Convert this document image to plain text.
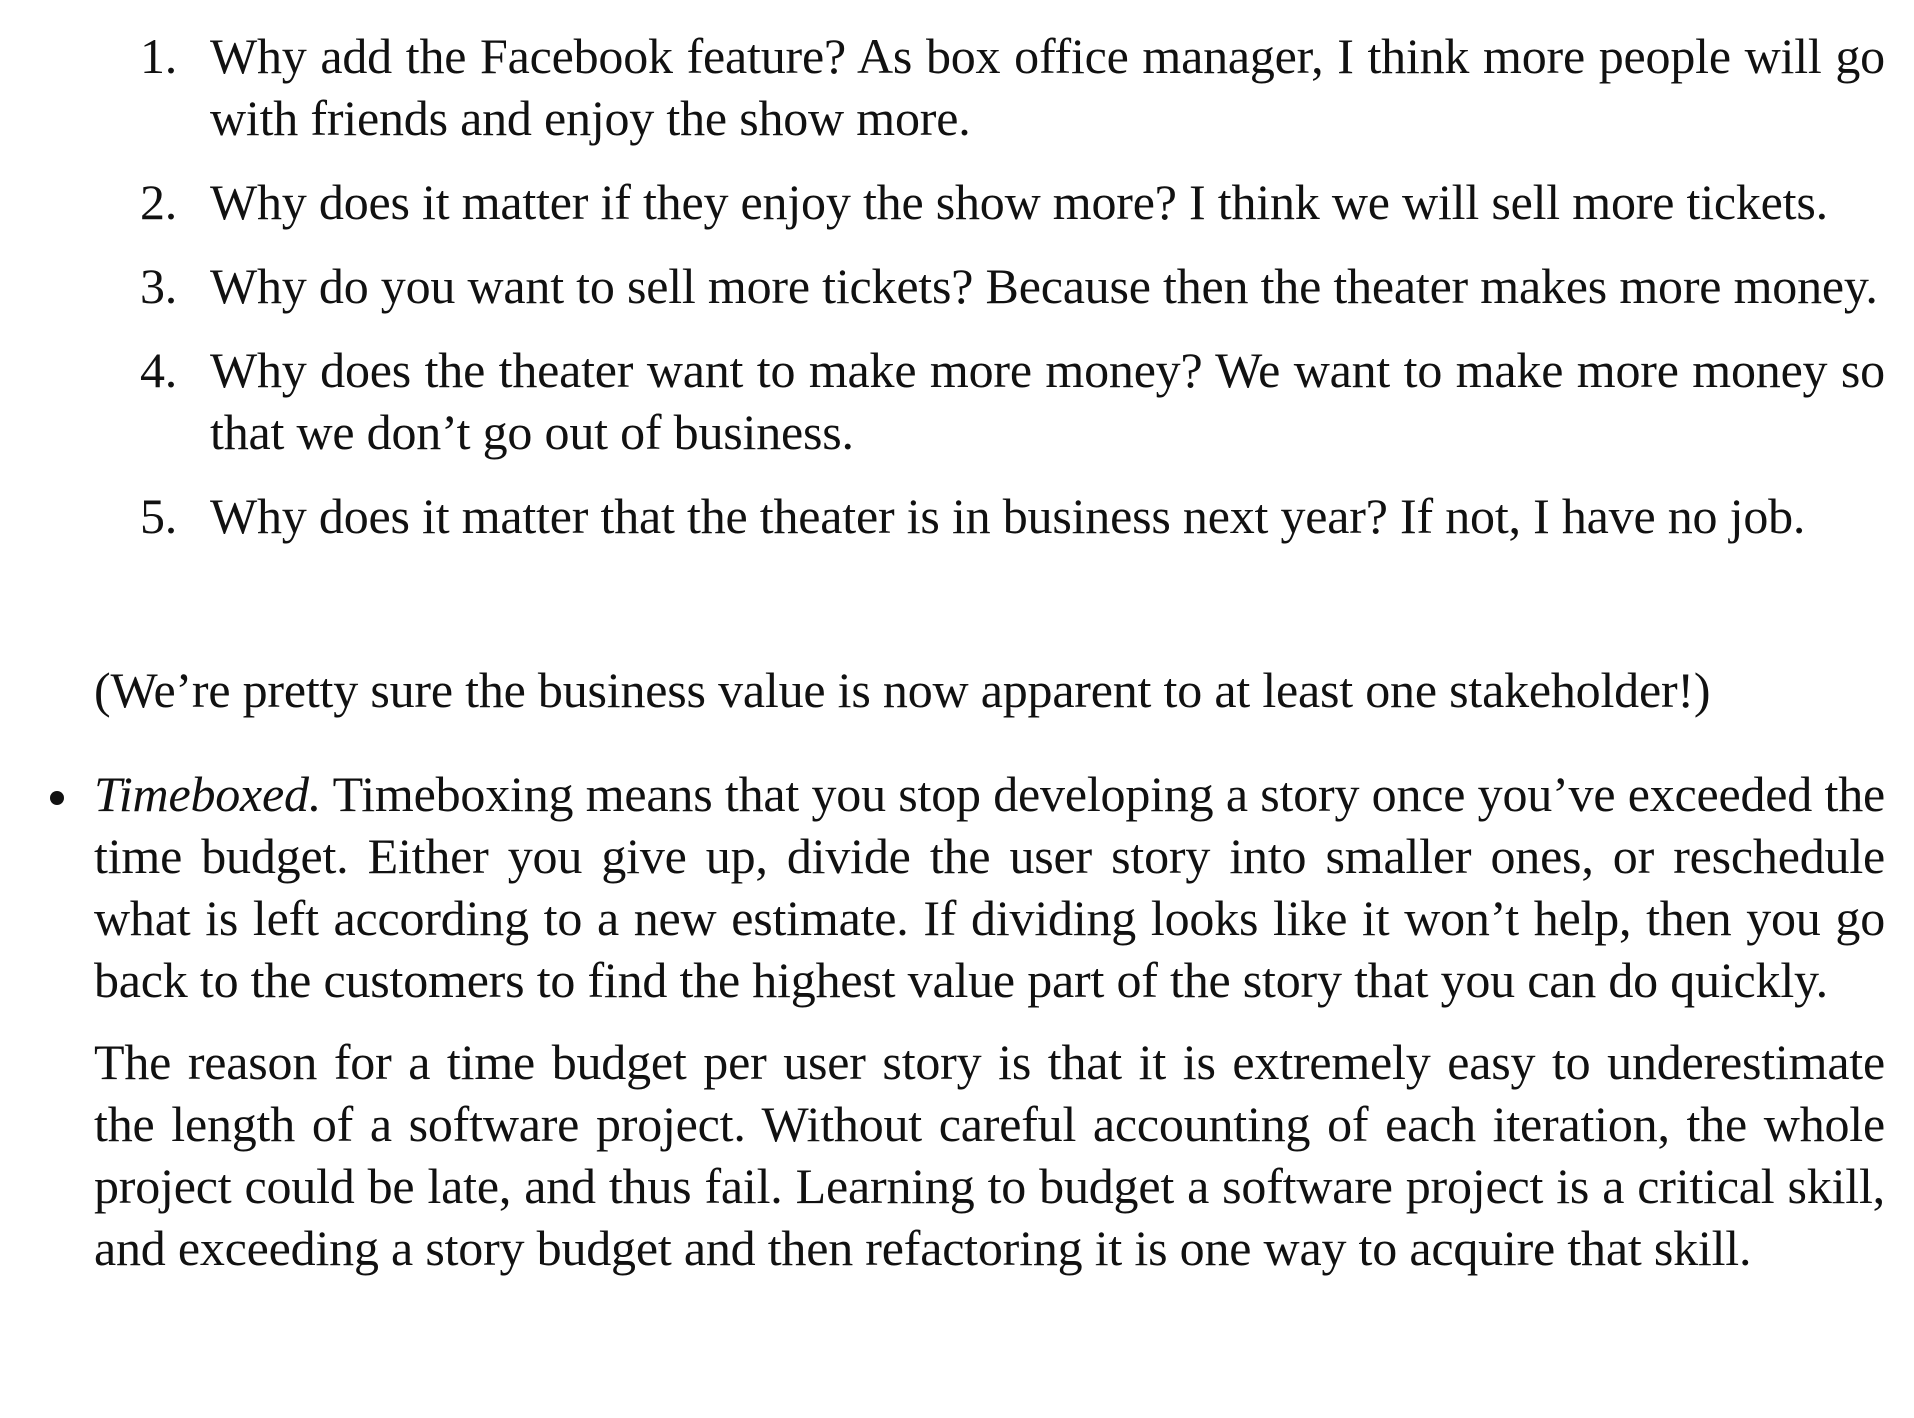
1. Why add the Facebook feature? As box office manager, I think more people will go with friends and enjoy the show more.
2. Why does it matter if they enjoy the show more? I think we will sell more tickets.
3. Why do you want to sell more tickets? Because then the theater makes more money.
4. Why does the theater want to make more money? We want to make more money so that we don’t go out of business.
5. Why does it matter that the theater is in business next year? If not, I have no job.

(We’re pretty sure the business value is now apparent to at least one stakeholder!)

Timeboxed. Timeboxing means that you stop developing a story once you’ve exceeded the time budget. Either you give up, divide the user story into smaller ones, or reschedule what is left according to a new estimate. If dividing looks like it won’t help, then you go back to the customers to find the highest value part of the story that you can do quickly.

The reason for a time budget per user story is that it is extremely easy to underestimate the length of a software project. Without careful accounting of each iteration, the whole project could be late, and thus fail. Learning to budget a software project is a critical skill, and exceeding a story budget and then refactoring it is one way to acquire that skill.
